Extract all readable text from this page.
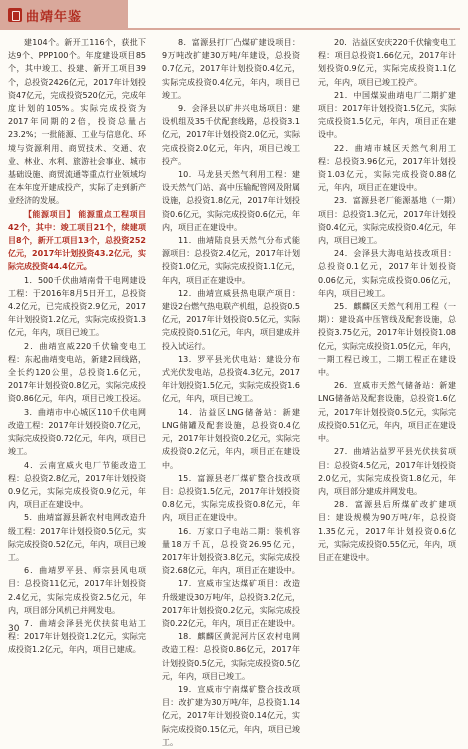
曲靖年鉴

建104个。新开工116个，获批下达9个、PPP100个。年度建设项目85个，其中竣工、投建、新开工项目39个，总投资2426亿元，2017年计划投资47亿元，完成投资520亿元，完成年度计划的105%。实际完成投资为2017年同期的2倍，投资总量占23.2%；一批能源、工业与信息化、环境与资源利用、商贸技术、交通、农业、林业、水利、旅游社会事业、城市基础设施、商贸流通等重点行业领域均在本年度开建成投产，实际了走到新产业经济的发展。

【能源项目】 能源重点工程项目42个，其中：竣工项目21个，续建项目8个，新开工项目13个，总投资252亿元，2017年计划投资43.2亿元，实际完成投资44.4亿元。

1．500千伏曲靖南骨干电网建设工程：于2016年8月5日开工，总投资4.2亿元，已完成投资2.9亿元，2017年计划投资1.2亿元，实际完成投资1.3亿元，年内，项目已竣工。

2．曲靖宣威220千伏输变电工程：东起曲靖变电站，新建2回线路，全长约120公里，总投资1.6亿元，2017年计划投资0.8亿元，实际完成投资0.86亿元，年内，项目已竣工投运。

3．曲靖市中心城区110千伏电网改造工程：2017年计划投资0.7亿元，实际完成投资0.72亿元，年内，项目已竣工。

4．云南宣威火电厂节能改造工程：总投资2.8亿元，2017年计划投资0.9亿元，实际完成投资0.9亿元，年内，项目正在建设中。

5．曲靖富源县新农村电网改造升级工程：2017年计划投资0.5亿元，实际完成投资0.52亿元，年内，项目已竣工。

6．曲靖罗平县、师宗县风电项目：总投资11亿元，2017年计划投资2.4亿元，实际完成投资2.5亿元，年内，项目部分风机已并网发电。

7．曲靖会泽县光伏扶贫电站工程：2017年计划投资1.2亿元，实际完成投资1.2亿元，年内，项目已建成。

8．富源县打厂凸煤矿建设项目：9万吨改扩建30万吨/年建设，总投资0.7亿元，2017年计划投资0.4亿元，实际完成投资0.4亿元，年内，项目已竣工。

9．会泽县以矿井兴电场项目：建设机组及35千伏配套线路，总投资3.1亿元，2017年计划投资2.0亿元，实际完成投资2.0亿元，年内，项目已竣工投产。

10．马龙县天然气利用工程：建设天然气门站、高中压输配管网及附属设施，总投资1.8亿元，2017年计划投资0.6亿元，实际完成投资0.6亿元，年内，项目正在建设中。

11．曲靖陆良县天然气分布式能源项目：总投资2.4亿元，2017年计划投资1.0亿元，实际完成投资1.1亿元，年内，项目正在建设中。

12．曲靖宣威县热电联产项目：建设2台燃气热电联产机组，总投资0.5亿元，2017年计划投资0.5亿元，实际完成投资0.51亿元，年内，项目建成并投入试运行。

13．罗平县光伏电站：建设分布式光伏发电站，总投资4.3亿元，2017年计划投资1.5亿元，实际完成投资1.6亿元，年内，项目已竣工。

14．沾益区LNG储备站：新建LNG储罐及配套设施，总投资0.4亿元，2017年计划投资0.2亿元，实际完成投资0.2亿元，年内，项目正在建设中。

15．富源县老厂煤矿整合技改项目：总投资1.5亿元，2017年计划投资0.8亿元，实际完成投资0.8亿元，年内，项目正在建设中。

16．万家口子电站二期：装机容量18万千瓦，总投资26.95亿元，2017年计划投资3.8亿元，实际完成投资2.68亿元，年内，项目正在建设中。

17．宣威市宝达煤矿项目：改造升级建设30万吨/年，总投资3.2亿元，2017年计划投资0.2亿元，实际完成投资0.22亿元，年内，项目正在建设中。

18．麒麟区黄泥河片区农村电网改造工程：总投资0.86亿元，2017年计划投资0.5亿元，实际完成投资0.5亿元，年内，项目已竣工。

19．宣威市宁南煤矿整合技改项目：改扩建为30万吨/年，总投资1.14亿元，2017年计划投资0.14亿元，实际完成投资0.15亿元，年内，项目已竣工。

20．沾益区安庆220千伏输变电工程：项目总投资1.66亿元，2017年计划投资0.9亿元，实际完成投资1.1亿元，年内，项目已竣工投产。

21．中国煤炭曲靖电厂二期扩建项目：2017年计划投资1.5亿元，实际完成投资1.5亿元，年内，项目正在建设中。

22．曲靖市城区天然气利用工程：总投资3.96亿元，2017年计划投资1.03亿元，实际完成投资0.88亿元，年内，项目正在建设中。

23．富源县老厂能源基地（一期）项目：总投资1.3亿元，2017年计划投资0.4亿元，实际完成投资0.4亿元，年内，项目已竣工。

24．会泽县大海电站技改项目：总投资0.1亿元，2017年计划投资0.06亿元，实际完成投资0.06亿元，年内，项目已竣工。

25．麒麟区天然气利用工程（一期）：建设高中压管线及配套设施，总投资3.75亿元，2017年计划投资1.08亿元，实际完成投资1.05亿元，年内，一期工程已竣工，二期工程正在建设中。

26．宣威市天然气储备站：新建LNG储备站及配套设施，总投资1.6亿元，2017年计划投资0.5亿元，实际完成投资0.51亿元，年内，项目正在建设中。

27．曲靖沾益罗平县光伏扶贫项目：总投资4.5亿元，2017年计划投资2.0亿元，实际完成投资1.8亿元，年内，项目部分建成并网发电。

28．富源县后所煤矿改扩建项目：建设规模为90万吨/年，总投资1.35亿元，2017年计划投资0.6亿元，实际完成投资0.55亿元，年内，项目正在建设中。

30
